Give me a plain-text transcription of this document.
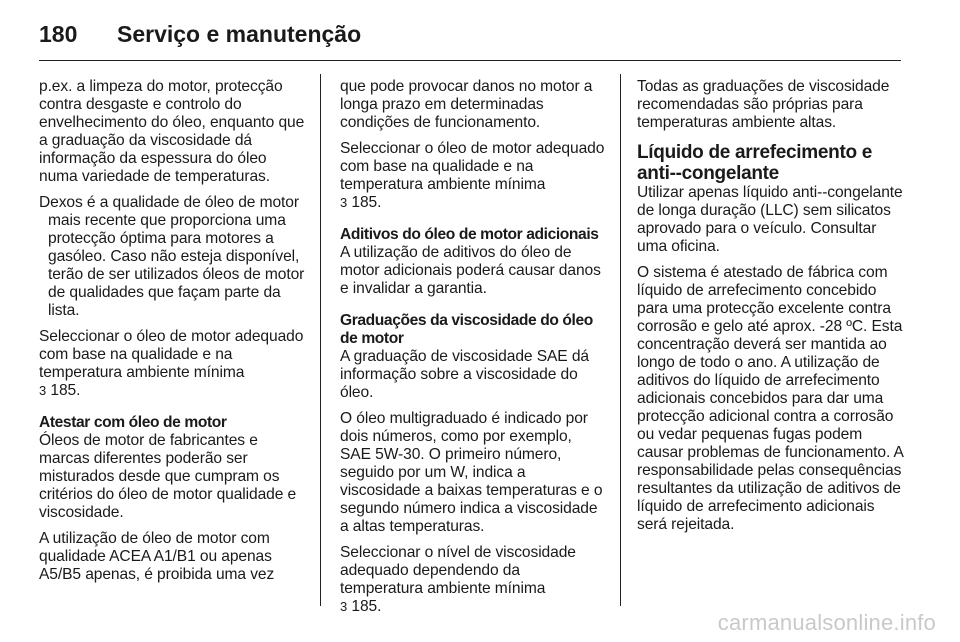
180	Serviço e manutenção

p.ex. a limpeza do motor, protecção contra desgaste e controlo do envelhecimento do óleo, enquanto que a graduação da viscosidade dá informação da espessura do óleo numa variedade de temperaturas.

Dexos é a qualidade de óleo de motor mais recente que proporciona uma protecção óptima para motores a gasóleo. Caso não esteja disponível, terão de ser utilizados óleos de motor de qualidades que façam parte da lista.

Seleccionar o óleo de motor adequado com base na qualidade e na temperatura ambiente mínima
3 185.

Atestar com óleo de motor

Óleos de motor de fabricantes e marcas diferentes poderão ser misturados desde que cumpram os critérios do óleo de motor qualidade e viscosidade.

A utilização de óleo de motor com qualidade ACEA A1/B1 ou apenas A5/B5 apenas, é proibida uma vez

que pode provocar danos no motor a longa prazo em determinadas condições de funcionamento.

Seleccionar o óleo de motor adequado com base na qualidade e na temperatura ambiente mínima
3 185.

Aditivos do óleo de motor adicionais

A utilização de aditivos do óleo de motor adicionais poderá causar danos e invalidar a garantia.

Graduações da viscosidade do óleo de motor

A graduação de viscosidade SAE dá informação sobre a viscosidade do óleo.

O óleo multigraduado é indicado por dois números, como por exemplo, SAE 5W-30. O primeiro número, seguido por um W, indica a viscosidade a baixas temperaturas e o segundo número indica a viscosidade a altas temperaturas.

Seleccionar o nível de viscosidade adequado dependendo da temperatura ambiente mínima
3 185.

Todas as graduações de viscosidade recomendadas são próprias para temperaturas ambiente altas.

Líquido de arrefecimento e anti--congelante

Utilizar apenas líquido anti--congelante de longa duração (LLC) sem silicatos aprovado para o veículo. Consultar uma oficina.

O sistema é atestado de fábrica com líquido de arrefecimento concebido para uma protecção excelente contra corrosão e gelo até aprox. -28 ºC. Esta concentração deverá ser mantida ao longo de todo o ano. A utilização de aditivos do líquido de arrefecimento adicionais concebidos para dar uma protecção adicional contra a corrosão ou vedar pequenas fugas podem causar problemas de funcionamento. A responsabilidade pelas consequências resultantes da utilização de aditivos de líquido de arrefecimento adicionais será rejeitada.

carmanualsonline.info
